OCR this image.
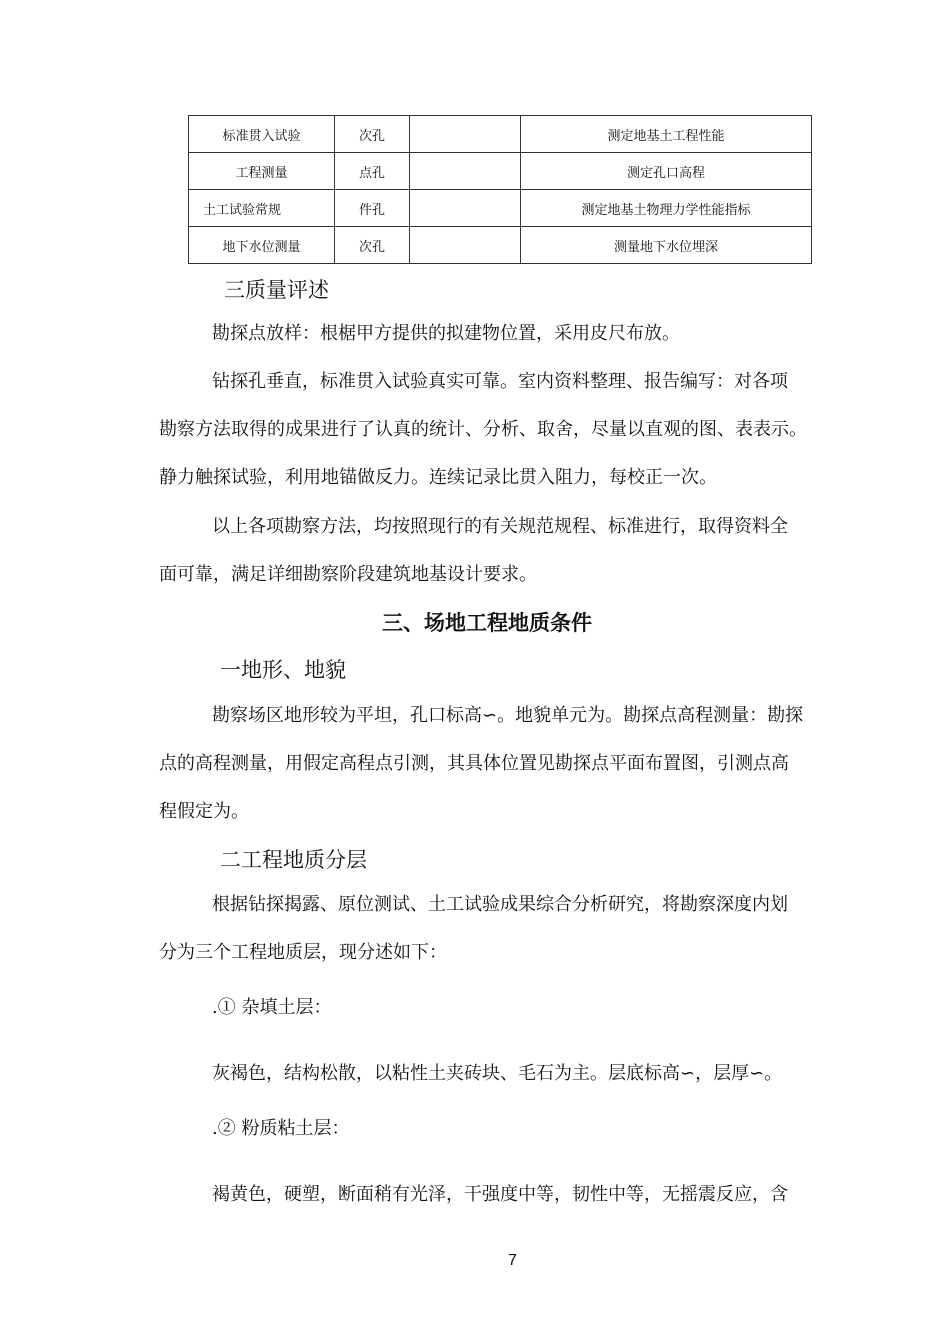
标准贯入试验	次孔		测定地基土工程性能
工程测量	点孔		测定孔口高程
土工试验常规	件孔		测定地基土物理力学性能指标
地下水位测量	次孔		测量地下水位埋深
三质量评述
勘探点放样：根椐甲方提供的拟建物位置，采用皮尺布放。
钻探孔垂直，标准贯入试验真实可靠。室内资料整理、报告编写：对各项
勘察方法取得的成果进行了认真的统计、分析、取舍，尽量以直观的图、表表示。
静力触探试验，利用地锚做反力。连续记录比贯入阻力，每校正一次。
以上各项勘察方法，均按照现行的有关规范规程、标准进行，取得资料全
面可靠，满足详细勘察阶段建筑地基设计要求。
三、场地工程地质条件
一地形、地貌
勘察场区地形较为平坦，孔口标高∽。地貌单元为。勘探点高程测量：勘探
点的高程测量，用假定高程点引测，其具体位置见勘探点平面布置图，引测点高
程假定为。
二工程地质分层
根据钻探揭露、原位测试、土工试验成果综合分析研究，将勘察深度内划
分为三个工程地质层，现分述如下：
.① 杂填土层：
灰褐色，结构松散，以粘性土夹砖块、毛石为主。层底标高∽，层厚∽。
.② 粉质粘土层：
褐黄色，硬塑，断面稍有光泽，干强度中等，韧性中等，无摇震反应，含
7
